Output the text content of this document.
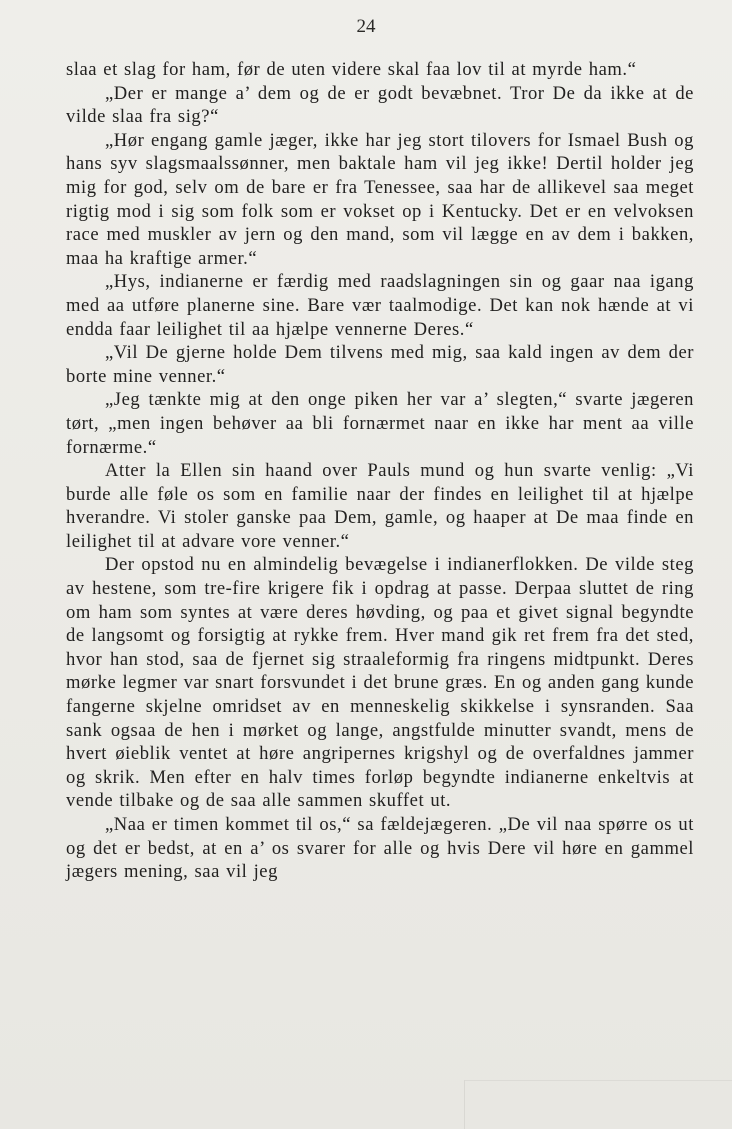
24

slaa et slag for ham, før de uten videre skal faa lov til at myrde ham.“

„Der er mange a’ dem og de er godt bevæbnet. Tror De da ikke at de vilde slaa fra sig?“

„Hør engang gamle jæger, ikke har jeg stort tilovers for Ismael Bush og hans syv slagsmaalssønner, men baktale ham vil jeg ikke! Dertil holder jeg mig for god, selv om de bare er fra Tenessee, saa har de allikevel saa meget rigtig mod i sig som folk som er vokset op i Kentucky. Det er en velvoksen race med muskler av jern og den mand, som vil lægge en av dem i bakken, maa ha kraftige armer.“

„Hys, indianerne er færdig med raadslagningen sin og gaar naa igang med aa utføre planerne sine. Bare vær taalmodige. Det kan nok hænde at vi endda faar leilighet til aa hjælpe vennerne Deres.“

„Vil De gjerne holde Dem tilvens med mig, saa kald ingen av dem der borte mine venner.“

„Jeg tænkte mig at den onge piken her var a’ slegten,“ svarte jægeren tørt, „men ingen behøver aa bli fornærmet naar en ikke har ment aa ville fornærme.“

Atter la Ellen sin haand over Pauls mund og hun svarte venlig: „Vi burde alle føle os som en familie naar der findes en leilighet til at hjælpe hverandre. Vi stoler ganske paa Dem, gamle, og haaper at De maa finde en leilighet til at advare vore venner.“

Der opstod nu en almindelig bevægelse i indianerflokken. De vilde steg av hestene, som tre-fire krigere fik i opdrag at passe. Derpaa sluttet de ring om ham som syntes at være deres høvding, og paa et givet signal begyndte de langsomt og forsigtig at rykke frem. Hver mand gik ret frem fra det sted, hvor han stod, saa de fjernet sig straaleformig fra ringens midtpunkt. Deres mørke legmer var snart forsvundet i det brune græs. En og anden gang kunde fangerne skjelne omridset av en menneskelig skikkelse i synsranden. Saa sank ogsaa de hen i mørket og lange, angstfulde minutter svandt, mens de hvert øieblik ventet at høre angripernes krigshyl og de overfaldnes jammer og skrik. Men efter en halv times forløp begyndte indianerne enkeltvis at vende tilbake og de saa alle sammen skuffet ut.

„Naa er timen kommet til os,“ sa fældejægeren. „De vil naa spørre os ut og det er bedst, at en a’ os svarer for alle og hvis Dere vil høre en gammel jægers mening, saa vil jeg
